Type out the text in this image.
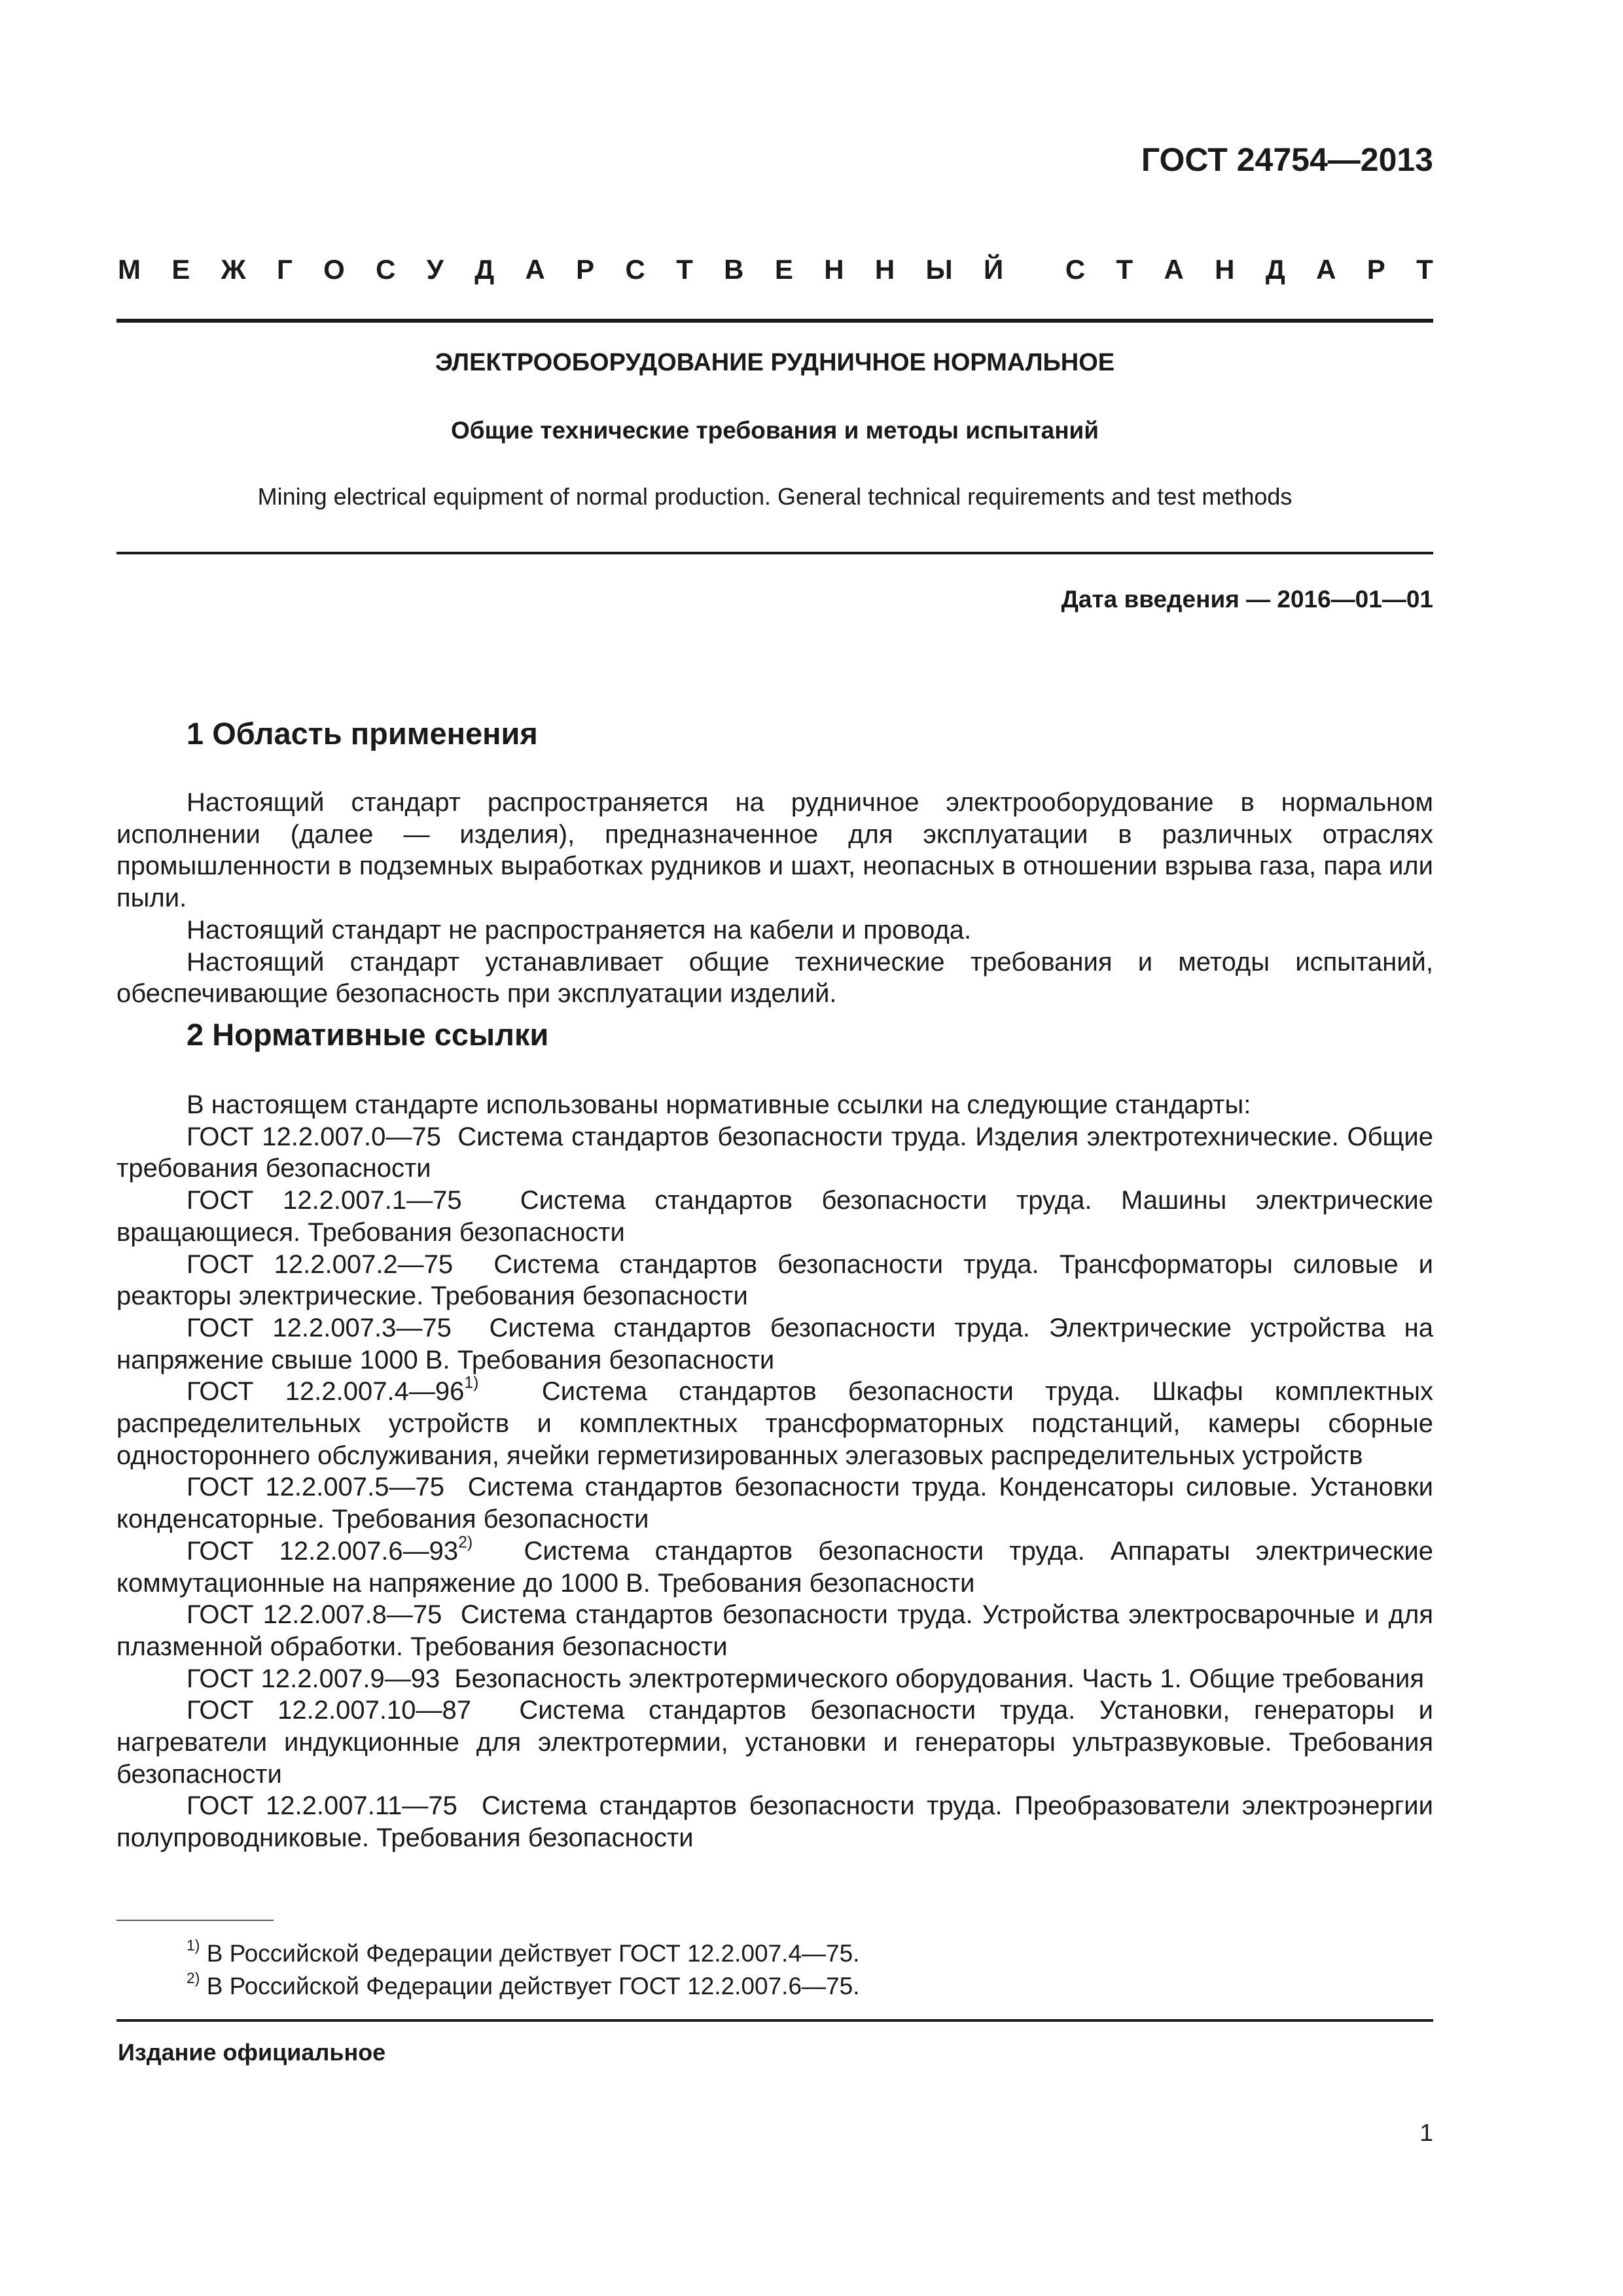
ГОСТ 24754—2013
М Е Ж Г О С У Д А Р С Т В Е Н Н Ы Й С Т А Н Д А Р Т
ЭЛЕКТРООБОРУДОВАНИЕ РУДНИЧНОЕ НОРМАЛЬНОЕ
Общие технические требования и методы испытаний
Mining electrical equipment of normal production. General technical requirements and test methods
Дата введения — 2016—01—01
1 Область применения

Настоящий стандарт распространяется на рудничное электрооборудование в нормальном исполнении (далее — изделия), предназначенное для эксплуатации в различных отраслях промышленности в подземных выработках рудников и шахт, неопасных в отношении взрыва газа, пара или пыли.

Настоящий стандарт не распространяется на кабели и провода.

Настоящий стандарт устанавливает общие технические требования и методы испытаний, обеспечивающие безопасность при эксплуатации изделий.

2 Нормативные ссылки

В настоящем стандарте использованы нормативные ссылки на следующие стандарты:

ГОСТ 12.2.007.0—75 Система стандартов безопасности труда. Изделия электротехнические. Общие требования безопасности

ГОСТ 12.2.007.1—75 Система стандартов безопасности труда. Машины электрические вращающиеся. Требования безопасности

ГОСТ 12.2.007.2—75 Система стандартов безопасности труда. Трансформаторы силовые и реакторы электрические. Требования безопасности

ГОСТ 12.2.007.3—75 Система стандартов безопасности труда. Электрические устройства на напряжение свыше 1000 В. Требования безопасности

ГОСТ 12.2.007.4—96$^{1)}$ Система стандартов безопасности труда. Шкафы комплектных распределительных устройств и комплектных трансформаторных подстанций, камеры сборные одностороннего обслуживания, ячейки герметизированных элегазовых распределительных устройств

ГОСТ 12.2.007.5—75 Система стандартов безопасности труда. Конденсаторы силовые. Установки конденсаторные. Требования безопасности

ГОСТ 12.2.007.6—93$^{2)}$ Система стандартов безопасности труда. Аппараты электрические коммутационные на напряжение до 1000 В. Требования безопасности

ГОСТ 12.2.007.8—75 Система стандартов безопасности труда. Устройства электросварочные и для плазменной обработки. Требования безопасности

ГОСТ 12.2.007.9—93 Безопасность электротермического оборудования. Часть 1. Общие требования

ГОСТ 12.2.007.10—87 Система стандартов безопасности труда. Установки, генераторы и нагреватели индукционные для электротермии, установки и генераторы ультразвуковые. Требования безопасности

ГОСТ 12.2.007.11—75 Система стандартов безопасности труда. Преобразователи электроэнергии полупроводниковые. Требования безопасности

$^{1)}$ В Российской Федерации действует ГОСТ 12.2.007.4—75.
$^{2)}$ В Российской Федерации действует ГОСТ 12.2.007.6—75.
Издание официальное
1
